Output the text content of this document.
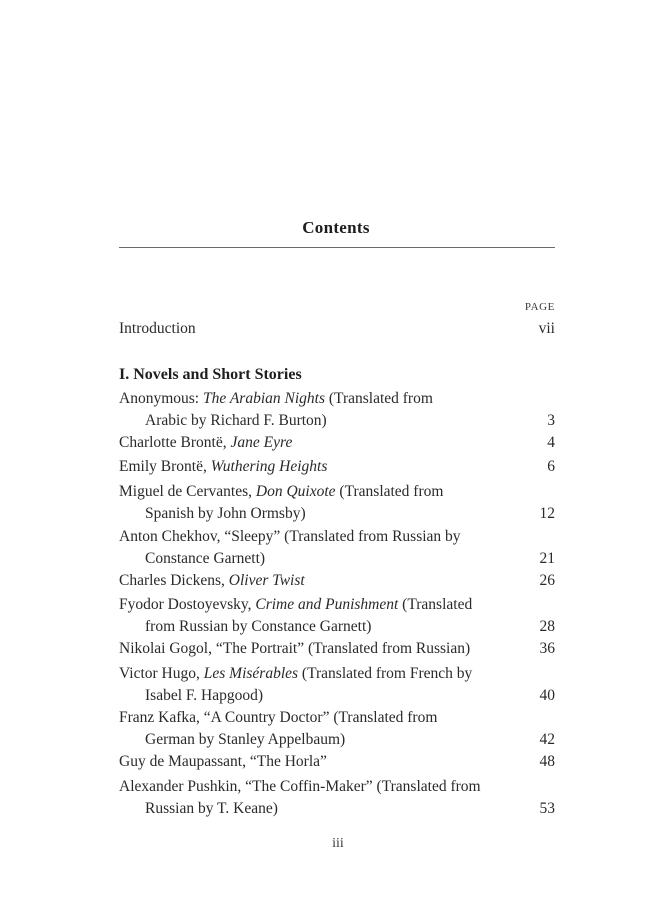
Contents
PAGE
Introduction	vii
I. Novels and Short Stories
Anonymous: The Arabian Nights (Translated from
Arabic by Richard F. Burton)	3
Charlotte Brontë, Jane Eyre	4
Emily Brontë, Wuthering Heights	6
Miguel de Cervantes, Don Quixote (Translated from
Spanish by John Ormsby)	12
Anton Chekhov, “Sleepy” (Translated from Russian by
Constance Garnett)	21
Charles Dickens, Oliver Twist	26
Fyodor Dostoyevsky, Crime and Punishment (Translated
from Russian by Constance Garnett)	28
Nikolai Gogol, “The Portrait” (Translated from Russian)	36
Victor Hugo, Les Misérables (Translated from French by
Isabel F. Hapgood)	40
Franz Kafka, “A Country Doctor” (Translated from
German by Stanley Appelbaum)	42
Guy de Maupassant, “The Horla”	48
Alexander Pushkin, “The Coffin-Maker” (Translated from
Russian by T. Keane)	53
iii
